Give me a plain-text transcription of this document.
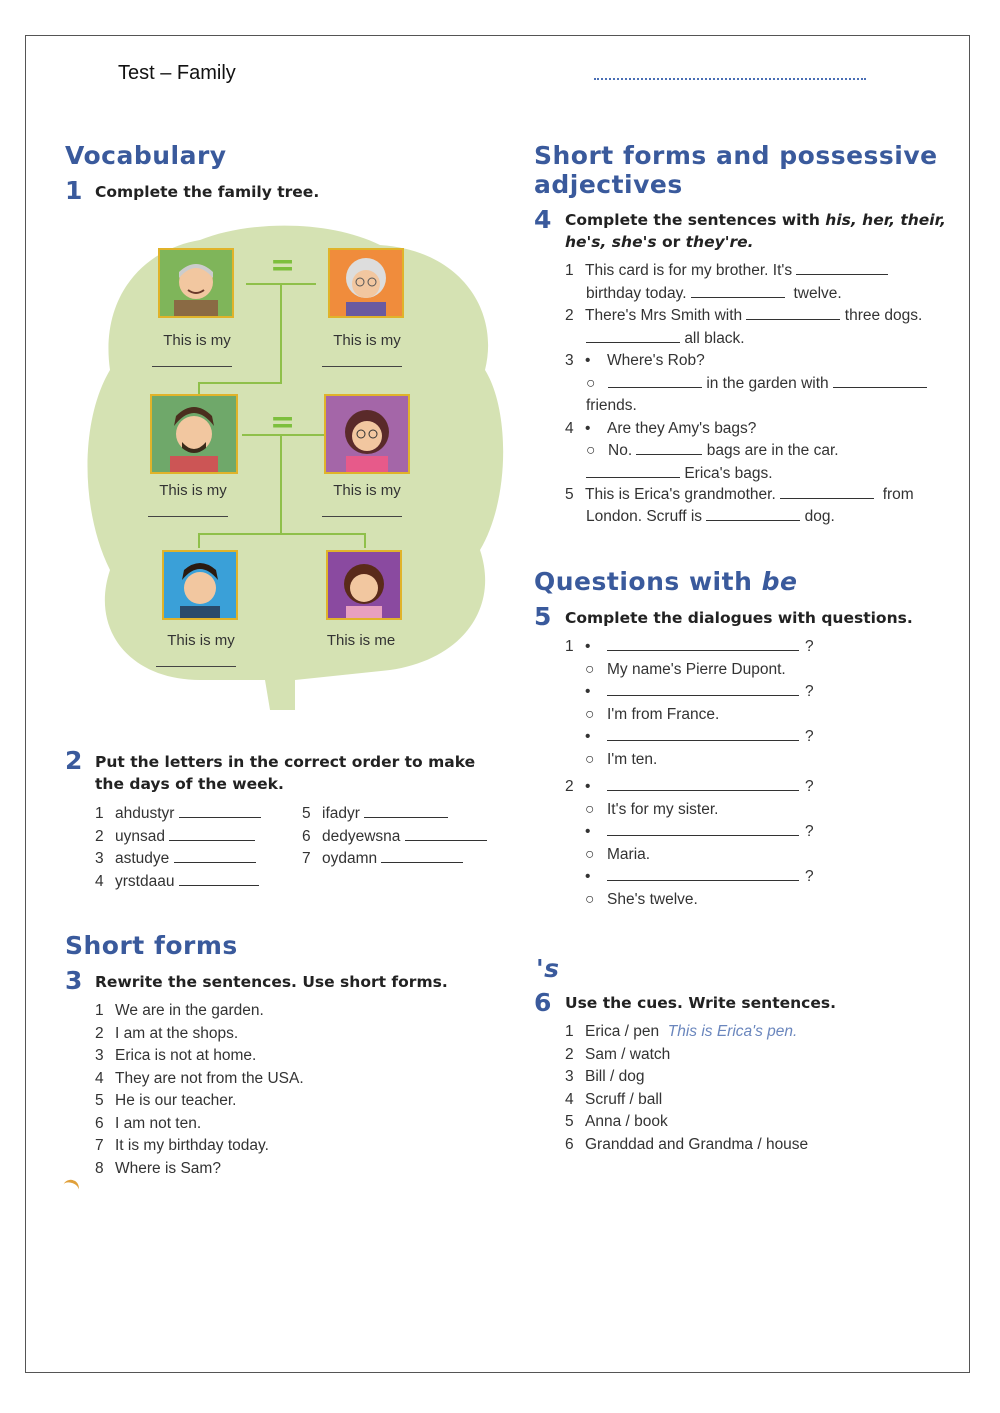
Test – Family
Vocabulary
1 Complete the family tree.
=
=
This is my	This is my
This is my	This is my
This is my	This is me
2 Put the letters in the correct order to make
the days of the week.
1 ahdustyr
2 uynsad
3 astudye
4 yrstdaau
5 ifadyr
6 dedyewsna
7 oydamn
Short forms
3 Rewrite the sentences. Use short forms.
1 We are in the garden.
2 I am at the shops.
3 Erica is not at home.
4 They are not from the USA.
5 He is our teacher.
6 I am not ten.
7 It is my birthday today.
8 Where is Sam?
Short forms and possessive
adjectives
4 Complete the sentences with his, her, their,
he's, she's or they're.
1 This card is for my brother. It's
birthday today.	twelve.
2 There's Mrs Smith with	three dogs.
all black.
3 • Where's Rob?
○	in the garden with
friends.
4 • Are they Amy's bags?
○ No.	bags are in the car.
Erica's bags.
5 This is Erica's grandmother.	from
London. Scruff is	dog.
Questions with be
5 Complete the dialogues with questions.
1 •	?
○ My name's Pierre Dupont.
•	?
○ I'm from France.
•	?
○ I'm ten.
2 •	?
○ It's for my sister.
•	?
○ Maria.
•	?
○ She's twelve.
's
6 Use the cues. Write sentences.
1 Erica / pen This is Erica's pen.
2 Sam / watch
3 Bill / dog
4 Scruff / ball
5 Anna / book
6 Granddad and Grandma / house
